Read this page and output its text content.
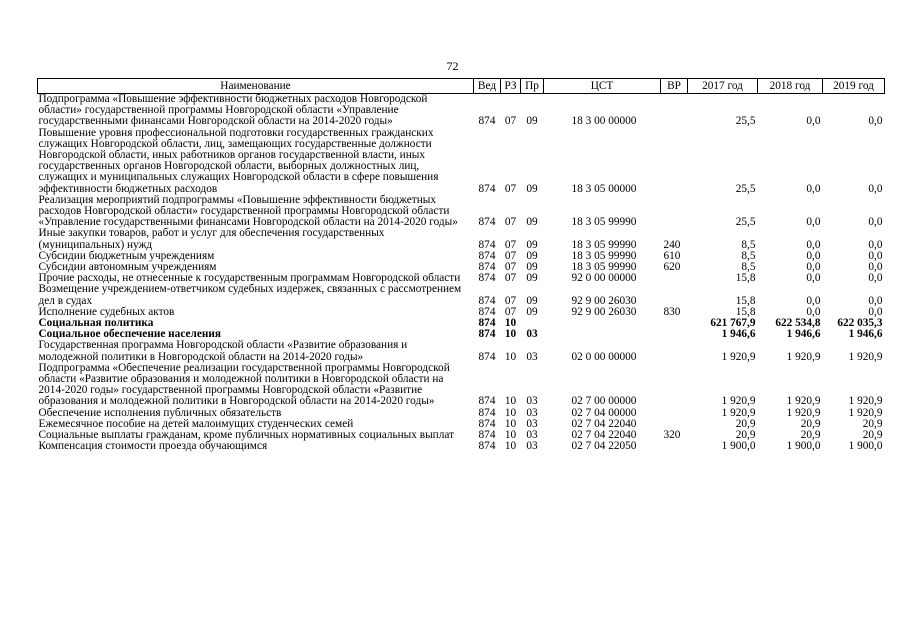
72
Наименование	Вед	РЗ	Пр	ЦСТ	ВР	2017 год	2018 год	2019 год
Подпрограмма «Повышение эффективности бюджетных расходов Новгородской области» государственной программы Новгородской области «Управление государственными финансами Новгородской области на 2014-2020 годы»	874	07	09	18 3 00 00000		25,5	0,0	0,0
Повышение уровня профессиональной подготовки государственных гражданских служащих Новгородской области, лиц, замещающих государственные должности Новгородской области, иных работников органов государственной власти, иных государственных органов Новгородской области, выборных должностных лиц, служащих и муниципальных служащих Новгородской области в сфере повышения эффективности бюджетных расходов	874	07	09	18 3 05 00000		25,5	0,0	0,0
Реализация мероприятий подпрограммы «Повышение эффективности бюджетных расходов Новгородской области» государственной программы Новгородской области «Управление государственными финансами Новгородской области на 2014-2020 годы»	874	07	09	18 3 05 99990		25,5	0,0	0,0
Иные закупки товаров, работ и услуг для обеспечения государственных (муниципальных) нужд	874	07	09	18 3 05 99990	240	8,5	0,0	0,0
Субсидии бюджетным учреждениям	874	07	09	18 3 05 99990	610	8,5	0,0	0,0
Субсидии автономным учреждениям	874	07	09	18 3 05 99990	620	8,5	0,0	0,0
Прочие расходы, не отнесенные к государственным программам Новгородской области	874	07	09	92 0 00 00000		15,8	0,0	0,0
Возмещение учреждением-ответчиком судебных издержек, связанных с рассмотрением дел в судах	874	07	09	92 9 00 26030		15,8	0,0	0,0
Исполнение судебных актов	874	07	09	92 9 00 26030	830	15,8	0,0	0,0
Социальная политика	874	10				621 767,9	622 534,8	622 035,3
Социальное обеспечение населения	874	10	03			1 946,6	1 946,6	1 946,6
Государственная программа Новгородской области «Развитие образования и молодежной политики в Новгородской области на 2014-2020 годы»	874	10	03	02 0 00 00000		1 920,9	1 920,9	1 920,9
Подпрограмма «Обеспечение реализации государственной программы Новгородской области «Развитие образования и молодежной политики в Новгородской области на 2014-2020 годы» государственной программы Новгородской области «Развитие образования и молодежной политики в Новгородской области на 2014-2020 годы»	874	10	03	02 7 00 00000		1 920,9	1 920,9	1 920,9
Обеспечение исполнения публичных обязательств	874	10	03	02 7 04 00000		1 920,9	1 920,9	1 920,9
Ежемесячное пособие на детей малоимущих студенческих семей	874	10	03	02 7 04 22040		20,9	20,9	20,9
Социальные выплаты гражданам, кроме публичных нормативных социальных выплат	874	10	03	02 7 04 22040	320	20,9	20,9	20,9
Компенсация стоимости проезда обучающимся	874	10	03	02 7 04 22050		1 900,0	1 900,0	1 900,0
